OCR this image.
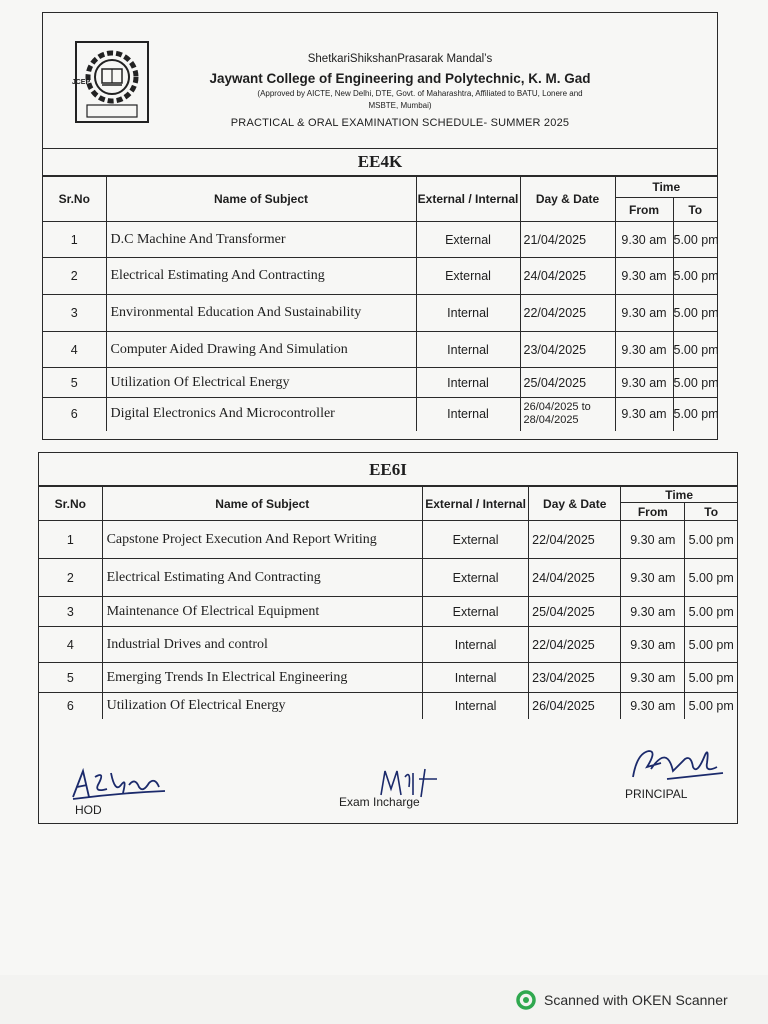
JCEP
ShetkariShikshanPrasarak Mandal’s
Jaywant College of Engineering and Polytechnic, K. M. Gad
(Approved by AICTE, New Delhi, DTE, Govt. of Maharashtra, Affiliated to BATU, Lonere and
MSBTE, Mumbai)
PRACTICAL & ORAL EXAMINATION SCHEDULE- SUMMER 2025
EE4K
Sr.No	Name of Subject	External / Internal	Day & Date	Time	
				From	To
1	D.C Machine And Transformer	External	21/04/2025	9.30 am	5.00 pm
2	Electrical Estimating And Contracting	External	24/04/2025	9.30 am	5.00 pm
3	Environmental Education And Sustainability	Internal	22/04/2025	9.30 am	5.00 pm
4	Computer Aided Drawing And Simulation	Internal	23/04/2025	9.30 am	5.00 pm
5	Utilization Of Electrical Energy	Internal	25/04/2025	9.30 am	5.00 pm
6	Digital Electronics And Microcontroller	Internal	26/04/2025 to 28/04/2025	9.30 am	5.00 pm
EE6I
Sr.No	Name of Subject	External / Internal	Day & Date	Time	
				From	To
1	Capstone Project Execution And Report Writing	External	22/04/2025	9.30 am	5.00 pm
2	Electrical Estimating And Contracting	External	24/04/2025	9.30 am	5.00 pm
3	Maintenance Of Electrical Equipment	External	25/04/2025	9.30 am	5.00 pm
4	Industrial Drives and control	Internal	22/04/2025	9.30 am	5.00 pm
5	Emerging Trends In Electrical Engineering	Internal	23/04/2025	9.30 am	5.00 pm
6	Utilization Of Electrical Energy	Internal	26/04/2025	9.30 am	5.00 pm
HOD
Exam Incharge
PRINCIPAL
Scanned with OKEN Scanner
